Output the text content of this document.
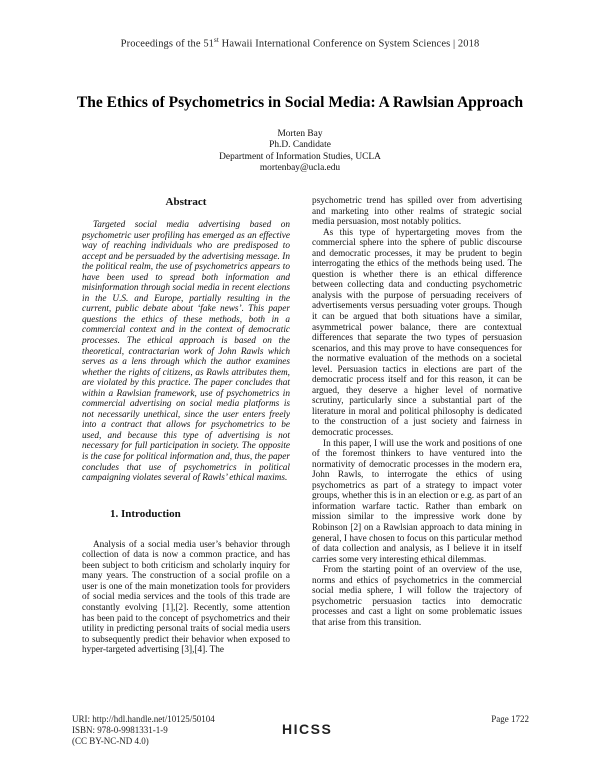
Proceedings of the 51st Hawaii International Conference on System Sciences | 2018
The Ethics of Psychometrics in Social Media: A Rawlsian Approach
Morten Bay
Ph.D. Candidate
Department of Information Studies, UCLA
mortenbay@ucla.edu
Abstract

Targeted social media advertising based on psychometric user profiling has emerged as an effective way of reaching individuals who are predisposed to accept and be persuaded by the advertising message. In the political realm, the use of psychometrics appears to have been used to spread both information and misinformation through social media in recent elections in the U.S. and Europe, partially resulting in the current, public debate about ‘fake news’. This paper questions the ethics of these methods, both in a commercial context and in the context of democratic processes. The ethical approach is based on the theoretical, contractarian work of John Rawls which serves as a lens through which the author examines whether the rights of citizens, as Rawls attributes them, are violated by this practice. The paper concludes that within a Rawlsian framework, use of psychometrics in commercial advertising on social media platforms is not necessarily unethical, since the user enters freely into a contract that allows for psychometrics to be used, and because this type of advertising is not necessary for full participation in society. The opposite is the case for political information and, thus, the paper concludes that use of psychometrics in political campaigning violates several of Rawls’ ethical maxims.

1. Introduction

Analysis of a social media user’s behavior through collection of data is now a common practice, and has been subject to both criticism and scholarly inquiry for many years. The construction of a social profile on a user is one of the main monetization tools for providers of social media services and the tools of this trade are constantly evolving [1],[2]. Recently, some attention has been paid to the concept of psychometrics and their utility in predicting personal traits of social media users to subsequently predict their behavior when exposed to hyper-targeted advertising [3],[4]. The

psychometric trend has spilled over from advertising and marketing into other realms of strategic social media persuasion, most notably politics.

As this type of hypertargeting moves from the commercial sphere into the sphere of public discourse and democratic processes, it may be prudent to begin interrogating the ethics of the methods being used. The question is whether there is an ethical difference between collecting data and conducting psychometric analysis with the purpose of persuading receivers of advertisements versus persuading voter groups. Though it can be argued that both situations have a similar, asymmetrical power balance, there are contextual differences that separate the two types of persuasion scenarios, and this may prove to have consequences for the normative evaluation of the methods on a societal level. Persuasion tactics in elections are part of the democratic process itself and for this reason, it can be argued, they deserve a higher level of normative scrutiny, particularly since a substantial part of the literature in moral and political philosophy is dedicated to the construction of a just society and fairness in democratic processes.

In this paper, I will use the work and positions of one of the foremost thinkers to have ventured into the normativity of democratic processes in the modern era, John Rawls, to interrogate the ethics of using psychometrics as part of a strategy to impact voter groups, whether this is in an election or e.g. as part of an information warfare tactic. Rather than embark on mission similar to the impressive work done by Robinson [2] on a Rawlsian approach to data mining in general, I have chosen to focus on this particular method of data collection and analysis, as I believe it in itself carries some very interesting ethical dilemmas.

From the starting point of an overview of the use, norms and ethics of psychometrics in the commercial social media sphere, I will follow the trajectory of psychometric persuasion tactics into democratic processes and cast a light on some problematic issues that arise from this transition.

URI: http://hdl.handle.net/10125/50104
ISBN: 978-0-9981331-1-9
(CC BY-NC-ND 4.0)
HICSS
Page 1722
